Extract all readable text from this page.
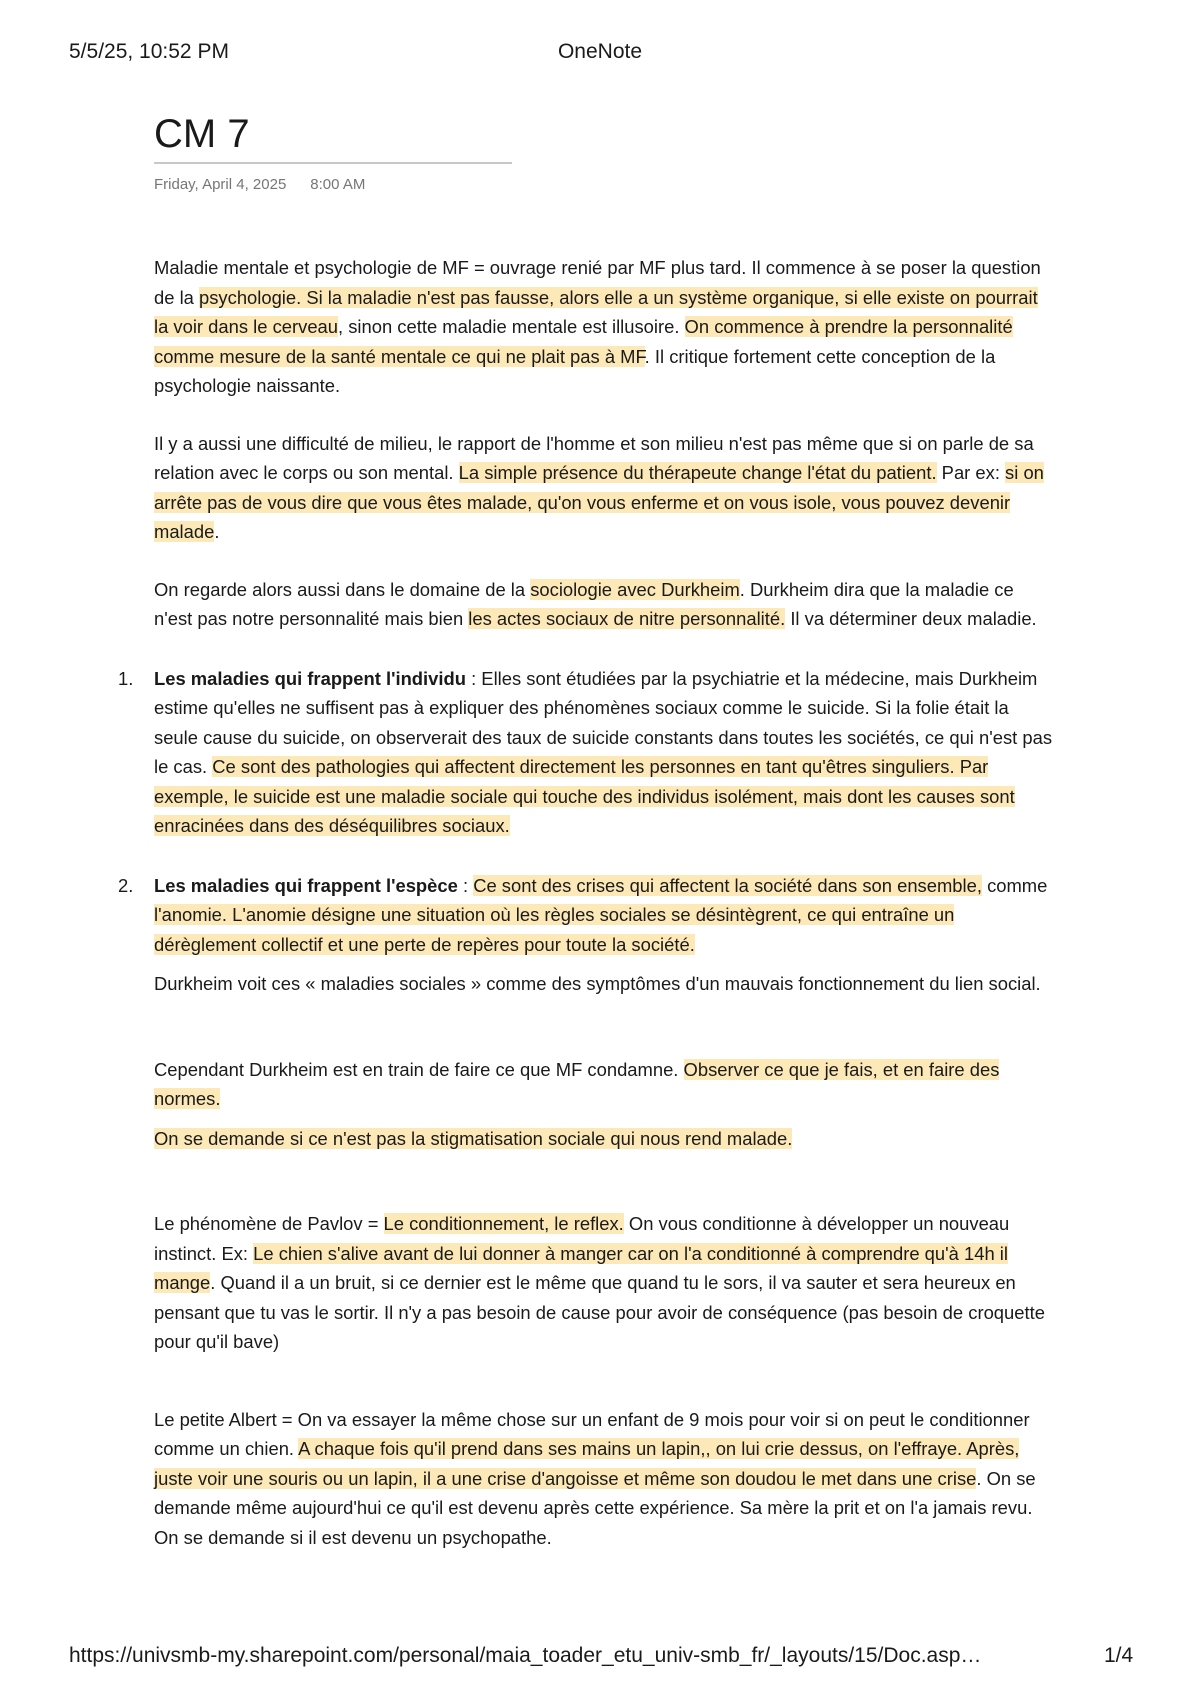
5/5/25, 10:52 PM	OneNote
CM 7
Friday, April 4, 2025 8:00 AM

Maladie mentale et psychologie de MF = ouvrage renié par MF plus tard. Il commence à se poser la question de la psychologie. Si la maladie n'est pas fausse, alors elle a un système organique, si elle existe on pourrait la voir dans le cerveau, sinon cette maladie mentale est illusoire. On commence à prendre la personnalité comme mesure de la santé mentale ce qui ne plait pas à MF. Il critique fortement cette conception de la psychologie naissante.

Il y a aussi une difficulté de milieu, le rapport de l'homme et son milieu n'est pas même que si on parle de sa relation avec le corps ou son mental. La simple présence du thérapeute change l'état du patient. Par ex: si on arrête pas de vous dire que vous êtes malade, qu'on vous enferme et on vous isole, vous pouvez devenir malade.

On regarde alors aussi dans le domaine de la sociologie avec Durkheim. Durkheim dira que la maladie ce n'est pas notre personnalité mais bien les actes sociaux de nitre personnalité. Il va déterminer deux maladie.

1. Les maladies qui frappent l'individu : Elles sont étudiées par la psychiatrie et la médecine, mais Durkheim estime qu'elles ne suffisent pas à expliquer des phénomènes sociaux comme le suicide. Si la folie était la seule cause du suicide, on observerait des taux de suicide constants dans toutes les sociétés, ce qui n'est pas le cas. Ce sont des pathologies qui affectent directement les personnes en tant qu'êtres singuliers. Par exemple, le suicide est une maladie sociale qui touche des individus isolément, mais dont les causes sont enracinées dans des déséquilibres sociaux.
2. Les maladies qui frappent l'espèce : Ce sont des crises qui affectent la société dans son ensemble, comme l'anomie. L'anomie désigne une situation où les règles sociales se désintègrent, ce qui entraîne un dérèglement collectif et une perte de repères pour toute la société.

Durkheim voit ces « maladies sociales » comme des symptômes d'un mauvais fonctionnement du lien social.

Cependant Durkheim est en train de faire ce que MF condamne. Observer ce que je fais, et en faire des normes.

On se demande si ce n'est pas la stigmatisation sociale qui nous rend malade.

Le phénomène de Pavlov = Le conditionnement, le reflex. On vous conditionne à développer un nouveau instinct. Ex: Le chien s'alive avant de lui donner à manger car on l'a conditionné à comprendre qu'à 14h il mange. Quand il a un bruit, si ce dernier est le même que quand tu le sors, il va sauter et sera heureux en pensant que tu vas le sortir. Il n'y a pas besoin de cause pour avoir de conséquence (pas besoin de croquette pour qu'il bave)

Le petite Albert = On va essayer la même chose sur un enfant de 9 mois pour voir si on peut le conditionner comme un chien. A chaque fois qu'il prend dans ses mains un lapin,, on lui crie dessus, on l'effraye. Après, juste voir une souris ou un lapin, il a une crise d'angoisse et même son doudou le met dans une crise. On se demande même aujourd'hui ce qu'il est devenu après cette expérience. Sa mère la prit et on l'a jamais revu. On se demande si il est devenu un psychopathe.

https://univsmb-my.sharepoint.com/personal/maia_toader_etu_univ-smb_fr/_layouts/15/Doc.asp…	1/4
